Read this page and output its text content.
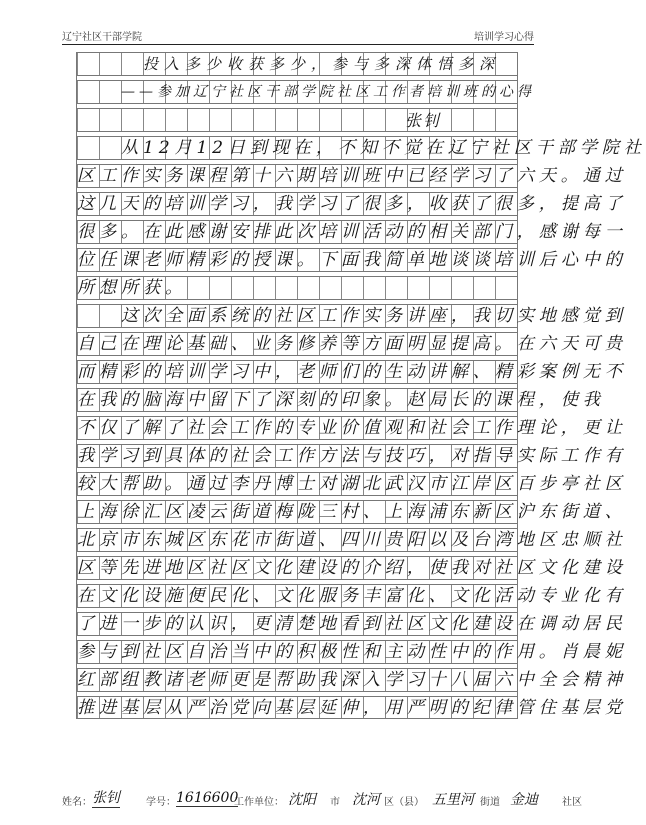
辽宁社区干部学院	培训学习心得
投入多少收获多少，参与多深体悟多深
——参加辽宁社区干部学院社区工作者培训班的心得
张钊
从12月12日到现在，不知不觉在辽宁社区干部学院社
区工作实务课程第十六期培训班中已经学习了六天。通过
这几天的培训学习，我学习了很多，收获了很多，提高了
很多。在此感谢安排此次培训活动的相关部门，感谢每一
位任课老师精彩的授课。下面我简单地谈谈培训后心中的
所想所获。
这次全面系统的社区工作实务讲座，我切实地感觉到
自己在理论基础、业务修养等方面明显提高。在六天可贵
而精彩的培训学习中，老师们的生动讲解、精彩案例无不
在我的脑海中留下了深刻的印象。赵局长的课程，使我
不仅了解了社会工作的专业价值观和社会工作理论，更让
我学习到具体的社会工作方法与技巧，对指导实际工作有
较大帮助。通过李丹博士对湖北武汉市江岸区百步亭社区
上海徐汇区凌云街道梅陇三村、上海浦东新区沪东街道、
北京市东城区东花市街道、四川贵阳以及台湾地区忠顺社
区等先进地区社区文化建设的介绍，使我对社区文化建设
在文化设施便民化、文化服务丰富化、文化活动专业化有
了进一步的认识，更清楚地看到社区文化建设在调动居民
参与到社区自治当中的积极性和主动性中的作用。肖晨妮
红部组教诸老师更是帮助我深入学习十八届六中全会精神
推进基层从严治党向基层延伸，用严明的纪律管住基层党
姓名： 张钊	学号： 1616600
工作单位： 沈阳 市 沈河 区（县） 五里河 街道 金迪 社区
